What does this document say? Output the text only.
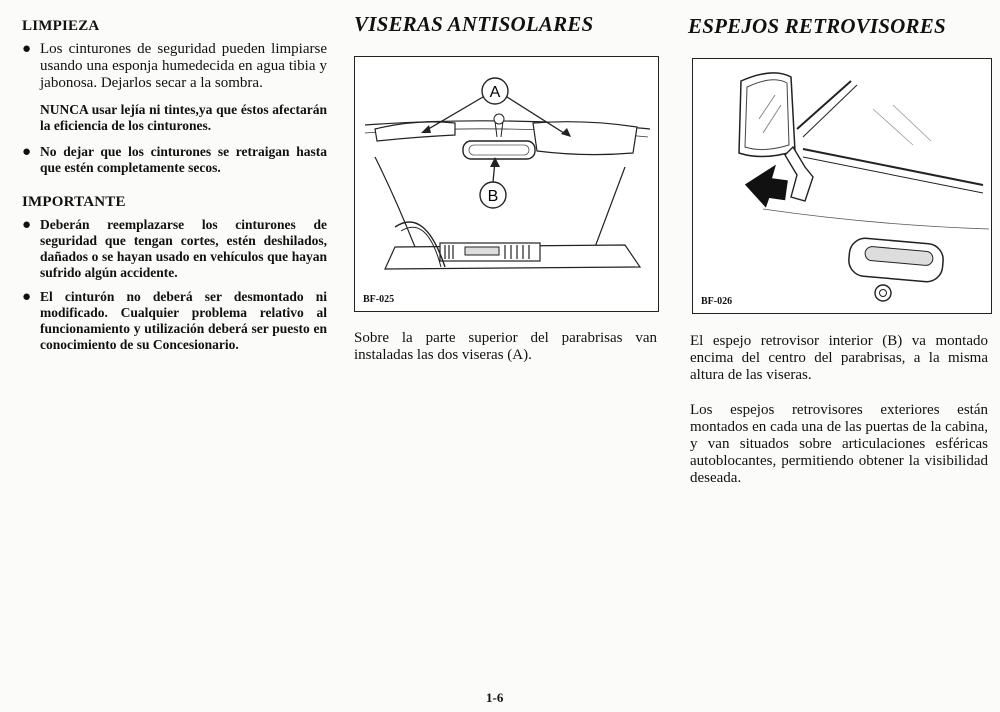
LIMPIEZA
● Los cinturones de seguridad pueden limpiarse usando una esponja humedecida en agua tibia y jabonosa. Dejarlos secar a la sombra.
NUNCA usar lejía ni tintes,ya que éstos afectarán la eficiencia de los cinturones.
● No dejar que los cinturones se retraigan hasta que estén completamente secos.
IMPORTANTE
● Deberán reemplazarse los cinturones de seguridad que tengan cortes, estén deshilados, dañados o se hayan usado en vehículos que hayan sufrido algún accidente.
● El cinturón no deberá ser desmontado ni modificado. Cualquier problema relativo al funcionamiento y utilización deberá ser puesto en conocimiento de su Concesionario.
VISERAS ANTISOLARES
A
B
BF-025

Sobre la parte superior del parabrisas van instaladas las dos viseras (A).

ESPEJOS RETROVISORES
BF-026

El espejo retrovisor interior (B) va montado encima del centro del parabrisas, a la misma altura de las viseras.

Los espejos retrovisores exteriores están montados en cada una de las puertas de la cabina, y van situados sobre articulaciones esféricas autoblocantes, permitiendo obtener la visibilidad deseada.

1-6
